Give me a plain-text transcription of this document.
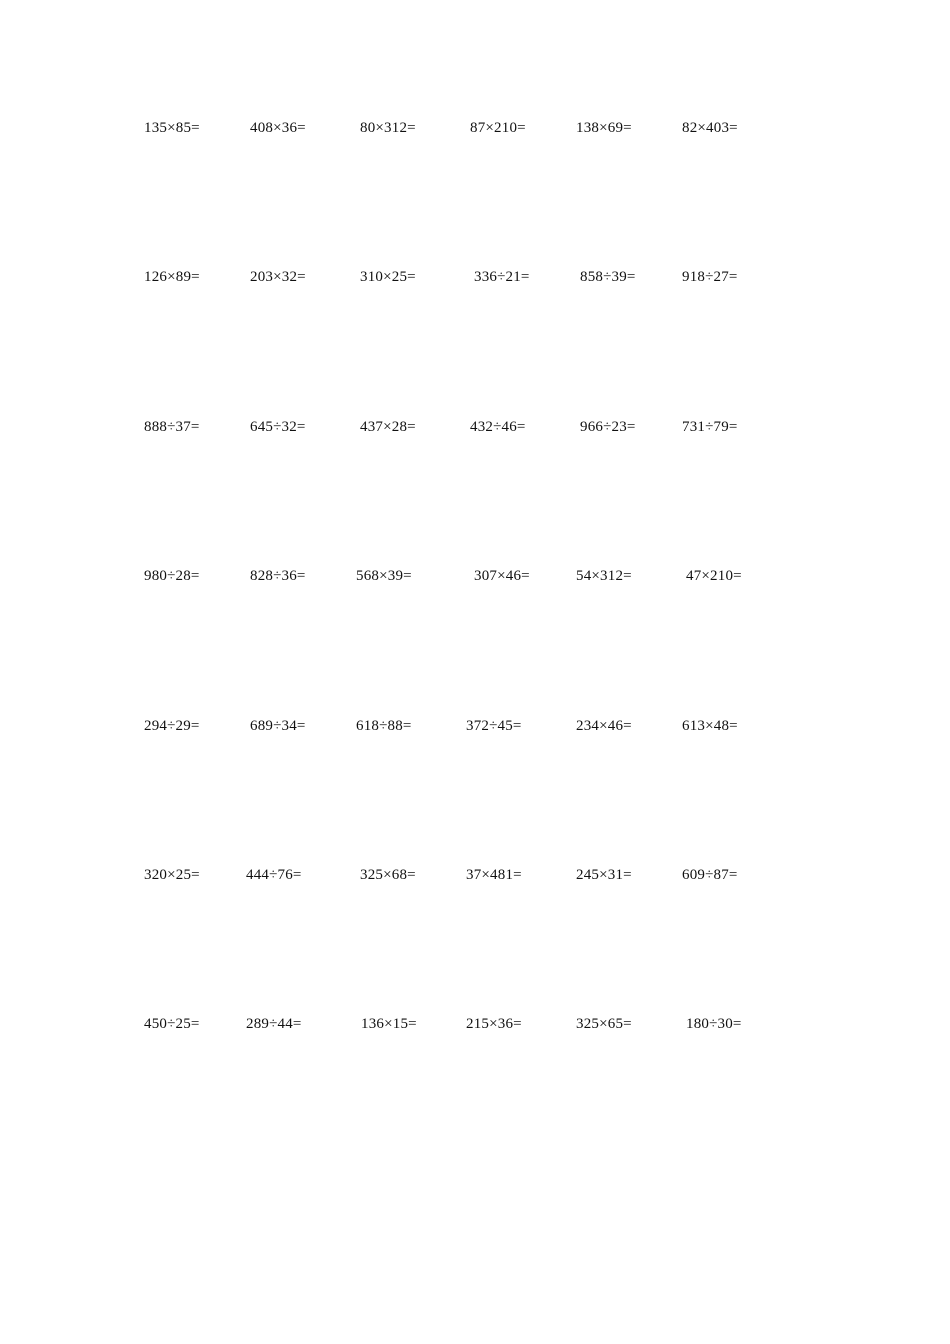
135×85=	408×36=	80×312=	87×210=	138×69=	82×403=
126×89=	203×32=	310×25=	336÷21=	858÷39=	918÷27=
888÷37=	645÷32=	437×28=	432÷46=	966÷23=	731÷79=
980÷28=	828÷36=	568×39=	307×46=	54×312=	47×210=
294÷29=	689÷34=	618÷88=	372÷45=	234×46=	613×48=
320×25=	444÷76=	325×68=	37×481=	245×31=	609÷87=
450÷25=	289÷44=	136×15=	215×36=	325×65=	180÷30=
